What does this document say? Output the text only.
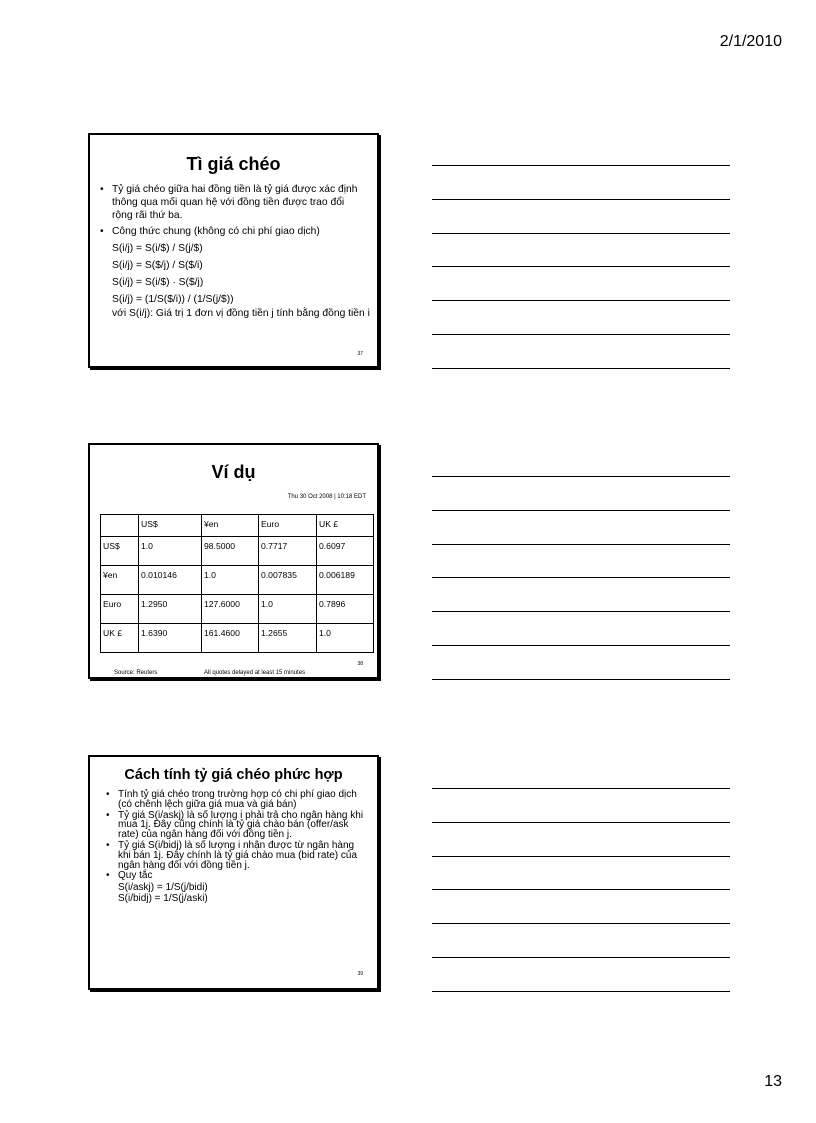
2/1/2010
Tì giá chéo
• Tỷ giá chéo giữa hai đồng tiền là tỷ giá được xác định thông qua mối quan hệ với đồng tiền được trao đổi rộng rãi thứ ba.
• Công thức chung (không có chi phí giao dịch)
S(i/j) = S(i/$) / S(j/$)
S(i/j) = S($/j) / S($/i)
S(i/j) = S(i/$) · S($/j)
S(i/j) = (1/S($/i)) / (1/S(j/$))
với S(i/j): Giá trị 1 đơn vị đồng tiền j tính bằng đồng tiền i
37
Ví dụ
Thu 30 Oct 2008 | 10:18 EDT
	US$	¥en	Euro	UK £
US$	1.0	98.5000	0.7717	0.6097
¥en	0.010146	1.0	0.007835	0.006189
Euro	1.2950	127.6000	1.0	0.7896
UK £	1.6390	161.4600	1.2655	1.0
38
Source: Reuters	All quotes delayed at least 15 minutes
Cách tính tỷ giá chéo phức hợp
• Tính tỷ giá chéo trong trường hợp có chi phí giao dịch (có chênh lệch giữa giá mua và giá bán)
• Tỷ giá S(i/askj) là số lượng i phải trả cho ngân hàng khi mua 1j. Đây cũng chính là tỷ giá chào bán (offer/ask rate) của ngân hàng đối với đồng tiền j.
• Tỷ giá S(i/bidj) là số lượng i nhận được từ ngân hàng khi bán 1j. Đây chính là tỷ giá chào mua (bid rate) của ngân hàng đối với đồng tiền j.
• Quy tắc
S(i/askj) = 1/S(j/bidi)
S(i/bidj) = 1/S(j/aski)
39
13
